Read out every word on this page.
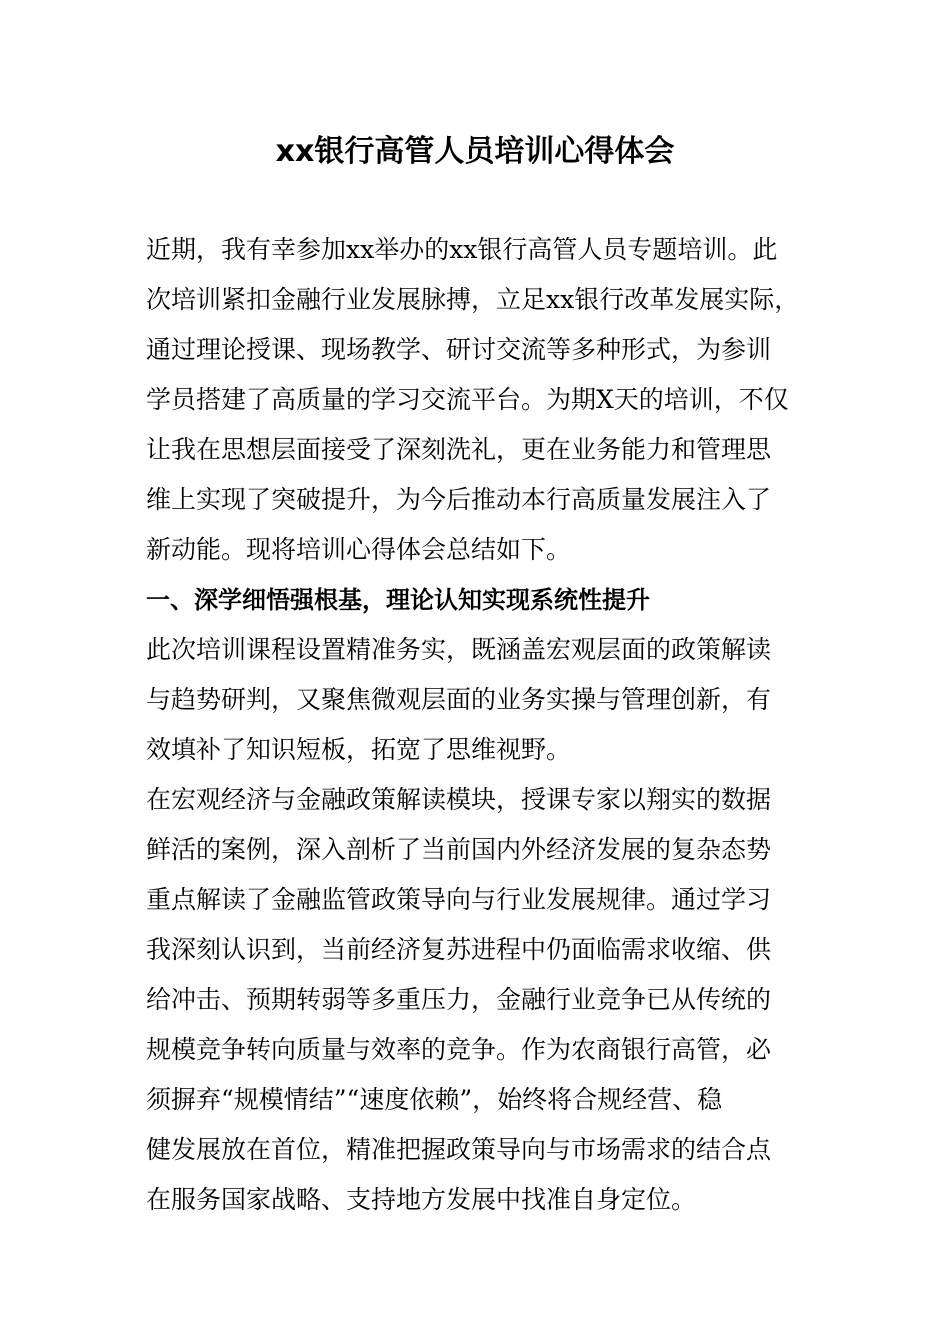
xx银行高管人员培训心得体会

近期，我有幸参加xx举办的xx银行高管人员专题培训。此

次培训紧扣金融行业发展脉搏，立足xx银行改革发展实际，

通过理论授课、现场教学、研讨交流等多种形式，为参训

学员搭建了高质量的学习交流平台。为期X天的培训，不仅

让我在思想层面接受了深刻洗礼，更在业务能力和管理思

维上实现了突破提升，为今后推动本行高质量发展注入了

新动能。现将培训心得体会总结如下。

一、深学细悟强根基，理论认知实现系统性提升

此次培训课程设置精准务实，既涵盖宏观层面的政策解读

与趋势研判，又聚焦微观层面的业务实操与管理创新，有

效填补了知识短板，拓宽了思维视野。

在宏观经济与金融政策解读模块，授课专家以翔实的数据

鲜活的案例，深入剖析了当前国内外经济发展的复杂态势

重点解读了金融监管政策导向与行业发展规律。通过学习

我深刻认识到，当前经济复苏进程中仍面临需求收缩、供

给冲击、预期转弱等多重压力，金融行业竞争已从传统的

规模竞争转向质量与效率的竞争。作为农商银行高管，必

须摒弃“规模情结”“速度依赖”，始终将合规经营、稳

健发展放在首位，精准把握政策导向与市场需求的结合点

在服务国家战略、支持地方发展中找准自身定位。
